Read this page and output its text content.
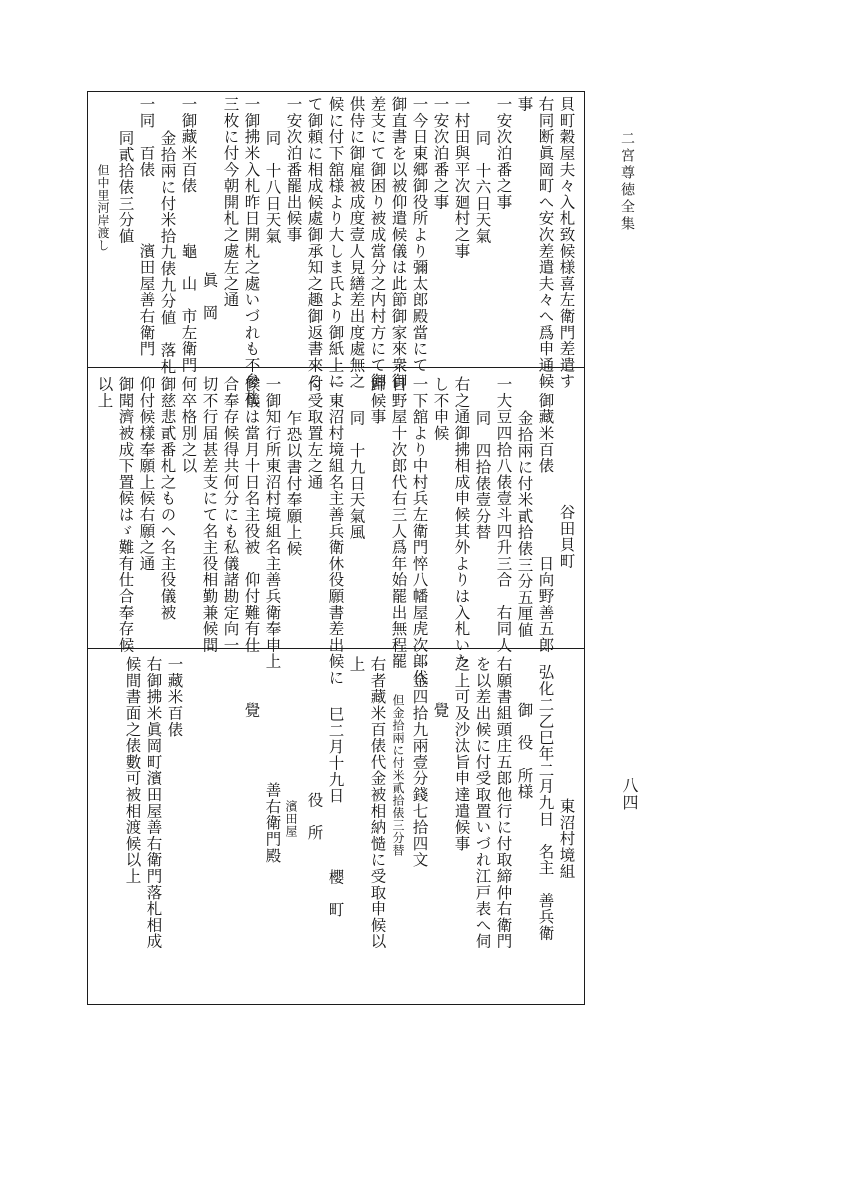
二宮尊徳全集
八四
貝町穀屋夫々入札致候様喜左衛門差遣す
右同断眞岡町へ安次差遣夫々へ爲申通候
事
一安次泊番之事
同　十六日天氣
一村田與平次廻村之事
一安次泊番之事
一今日東郷御役所より彌太郎殿當にて
御直書を以被仰遣候儀は此節御家來衆御
差支にて御困り被成當分之内村方にて御
供侍に御雇被成度壹人見繕差出度處無之
候に付下舘様より大しま氏より御紙上に
て御頼に相成候處御承知之趣御返書來る
一安次泊番罷出候事
同　十八日天氣
一御拂米入札昨日開札之處いづれも不參札
三枚に付今朝開札之處左之通
眞　岡
一御藏米百俵　　　龜　山　市左衛門
金拾兩に付米拾九俵九分値　落札
一同　百俵　　　　濱田屋善右衛門
同貳拾俵三分値
但中里河岸渡し
谷田貝町
一御藏米百俵　　　　　日向野善五郎
金拾兩に付米貳拾俵三分五厘値
一大豆四拾八俵壹斗四升三合　右同人
同　四拾俵壹分替
右之通御拂相成申候其外よりは入札いた
し不申候
一下舘より中村兵左衛門悴八幡屋虎次郎代
日野屋十次郎代右三人爲年始罷出無程罷
歸候事
同　十九日天氣風
一東沼村境組名主善兵衛休役願書差出候に
付受取置左之通
乍恐以書付奉願上候
一御知行所東沼村境組名主善兵衛奉申上
候儀は當月十日名主役被　仰付難有仕
合奉存候得共何分にも私儀諸勘定向一
切不行届甚差支にて名主役相勤兼候間
何卒格別之以
御慈悲貳番札之ものへ名主役儀被
仰付候樣奉願上候右願之通
御聞濟被成下置候はゞ難有仕合奉存候
以上
東沼村境組
弘化二乙巳年二月九日　名主　善兵衛
御　役　所様
右願書組頭庄五郎他行に付取締仲右衛門
を以差出候に付受取置いづれ江戸表へ伺
之上可及沙汰旨申達遣候事
覺
一金四拾九兩壹分錢七拾四文
但金拾兩に付米貳拾俵三分替
右者藏米百俵代金被相納慥に受取申候以
上
巳二月十九日　　　　櫻　町
役　所
濱田屋
善右衛門殿
覺
一藏米百俵
右御拂米眞岡町濱田屋善右衛門落札相成
候間書面之俵數可被相渡候以上
